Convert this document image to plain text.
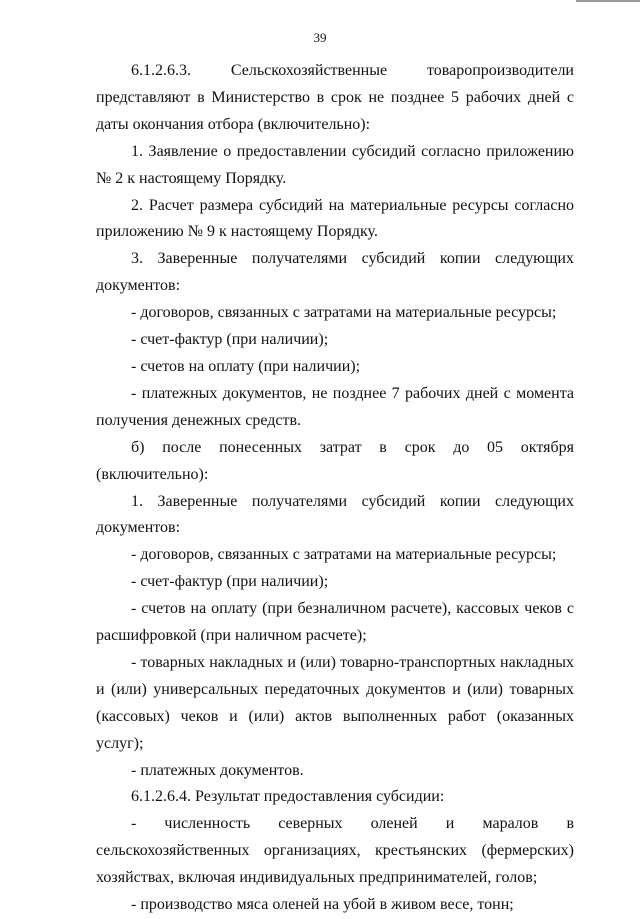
39

6.1.2.6.3. Сельскохозяйственные товаропроизводители представляют в Министерство в срок не позднее 5 рабочих дней с даты окончания отбора (включительно):

1. Заявление о предоставлении субсидий согласно приложению № 2 к настоящему Порядку.

2. Расчет размера субсидий на материальные ресурсы согласно приложению № 9 к настоящему Порядку.

3. Заверенные получателями субсидий копии следующих документов:

- договоров, связанных с затратами на материальные ресурсы;

- счет-фактур (при наличии);

- счетов на оплату (при наличии);

- платежных документов, не позднее 7 рабочих дней с момента получения денежных средств.

б) после понесенных затрат в срок до 05 октября (включительно):

1. Заверенные получателями субсидий копии следующих документов:

- договоров, связанных с затратами на материальные ресурсы;

- счет-фактур (при наличии);

- счетов на оплату (при безналичном расчете), кассовых чеков с расшифровкой (при наличном расчете);

- товарных накладных и (или) товарно-транспортных накладных и (или) универсальных передаточных документов и (или) товарных (кассовых) чеков и (или) актов выполненных работ (оказанных услуг);

- платежных документов.

6.1.2.6.4. Результат предоставления субсидии:

- численность северных оленей и маралов в сельскохозяйственных организациях, крестьянских (фермерских) хозяйствах, включая индивидуальных предпринимателей, голов;

- производство мяса оленей на убой в живом весе, тонн;
